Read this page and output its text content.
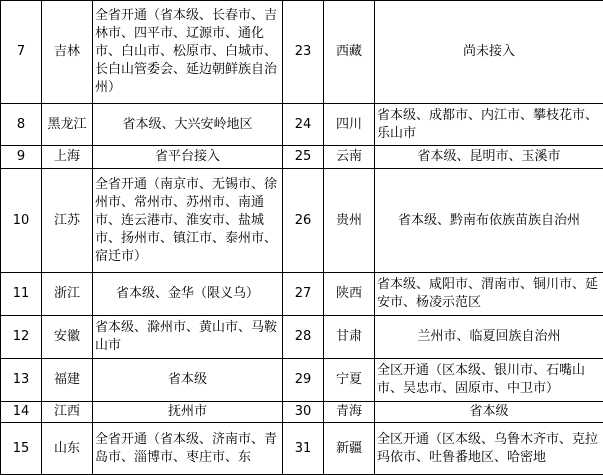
7	吉林	全省开通（省本级、长春市、吉林市、四平市、辽源市、通化市、白山市、松原市、白城市、长白山管委会、延边朝鲜族自治州）	23	西藏	尚未接入
8	黑龙江	省本级、大兴安岭地区	24	四川	省本级、成都市、内江市、攀枝花市、乐山市
9	上海	省平台接入	25	云南	省本级、昆明市、玉溪市
10	江苏	全省开通（南京市、无锡市、徐州市、常州市、苏州市、南通市、连云港市、淮安市、盐城市、扬州市、镇江市、泰州市、宿迁市）	26	贵州	省本级、黔南布依族苗族自治州
11	浙江	省本级、金华（限义乌）	27	陕西	省本级、咸阳市、渭南市、铜川市、延安市、杨凌示范区
12	安徽	省本级、滁州市、黄山市、马鞍山市	28	甘肃	兰州市、临夏回族自治州
13	福建	省本级	29	宁夏	全区开通（区本级、银川市、石嘴山市、吴忠市、固原市、中卫市）
14	江西	抚州市	30	青海	省本级
15	山东	全省开通（省本级、济南市、青岛市、淄博市、枣庄市、东	31	新疆	全区开通（区本级、乌鲁木齐市、克拉玛依市、吐鲁番地区、哈密地
